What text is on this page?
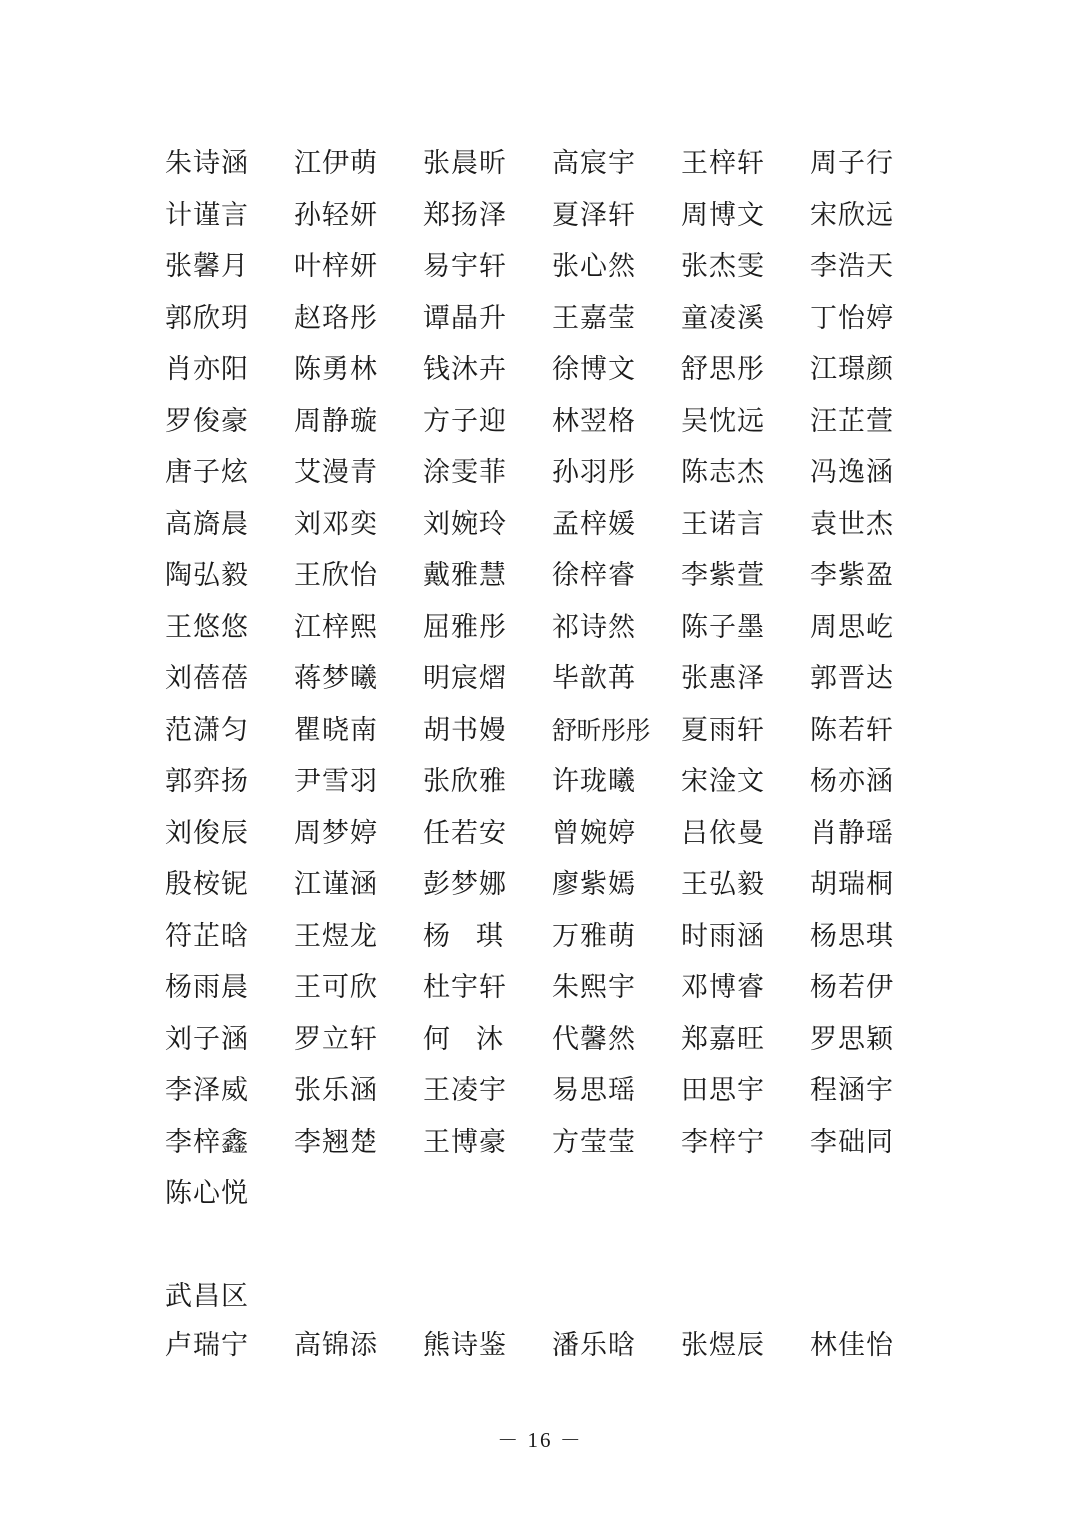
朱诗涵	江伊萌	张晨昕	高宸宇	王梓轩	周子行
计谨言	孙轻妍	郑扬泽	夏泽轩	周博文	宋欣远
张馨月	叶梓妍	易宇轩	张心然	张杰雯	李浩天
郭欣玥	赵珞彤	谭晶升	王嘉莹	童凌溪	丁怡婷
肖亦阳	陈勇林	钱沐卉	徐博文	舒思彤	江璟颜
罗俊豪	周静璇	方子迎	林翌格	吴忱远	汪芷萱
唐子炫	艾漫青	涂雯菲	孙羽彤	陈志杰	冯逸涵
高旖晨	刘邓奕	刘婉玲	孟梓媛	王诺言	袁世杰
陶弘毅	王欣怡	戴雅慧	徐梓睿	李紫萱	李紫盈
王悠悠	江梓熙	屈雅彤	祁诗然	陈子墨	周思屹
刘蓓蓓	蒋梦曦	明宸熠	毕歆苒	张惠泽	郭晋达
范潇匀	瞿晓南	胡书嫚	舒昕彤彤	夏雨轩	陈若轩
郭弈扬	尹雪羽	张欣雅	许珑曦	宋淦文	杨亦涵
刘俊辰	周梦婷	任若安	曾婉婷	吕依曼	肖静瑶
殷桉铌	江谨涵	彭梦娜	廖紫嫣	王弘毅	胡瑞桐
符芷晗	王煜龙	杨 琪	万雅萌	时雨涵	杨思琪
杨雨晨	王可欣	杜宇轩	朱熙宇	邓博睿	杨若伊
刘子涵	罗立轩	何 沐	代馨然	郑嘉旺	罗思颖
李泽威	张乐涵	王凌宇	易思瑶	田思宇	程涵宇
李梓鑫	李翘楚	王博豪	方莹莹	李梓宁	李础同
陈心悦
武昌区
卢瑞宁	高锦添	熊诗鉴	潘乐晗	张煜辰	林佳怡
－ 16 －
